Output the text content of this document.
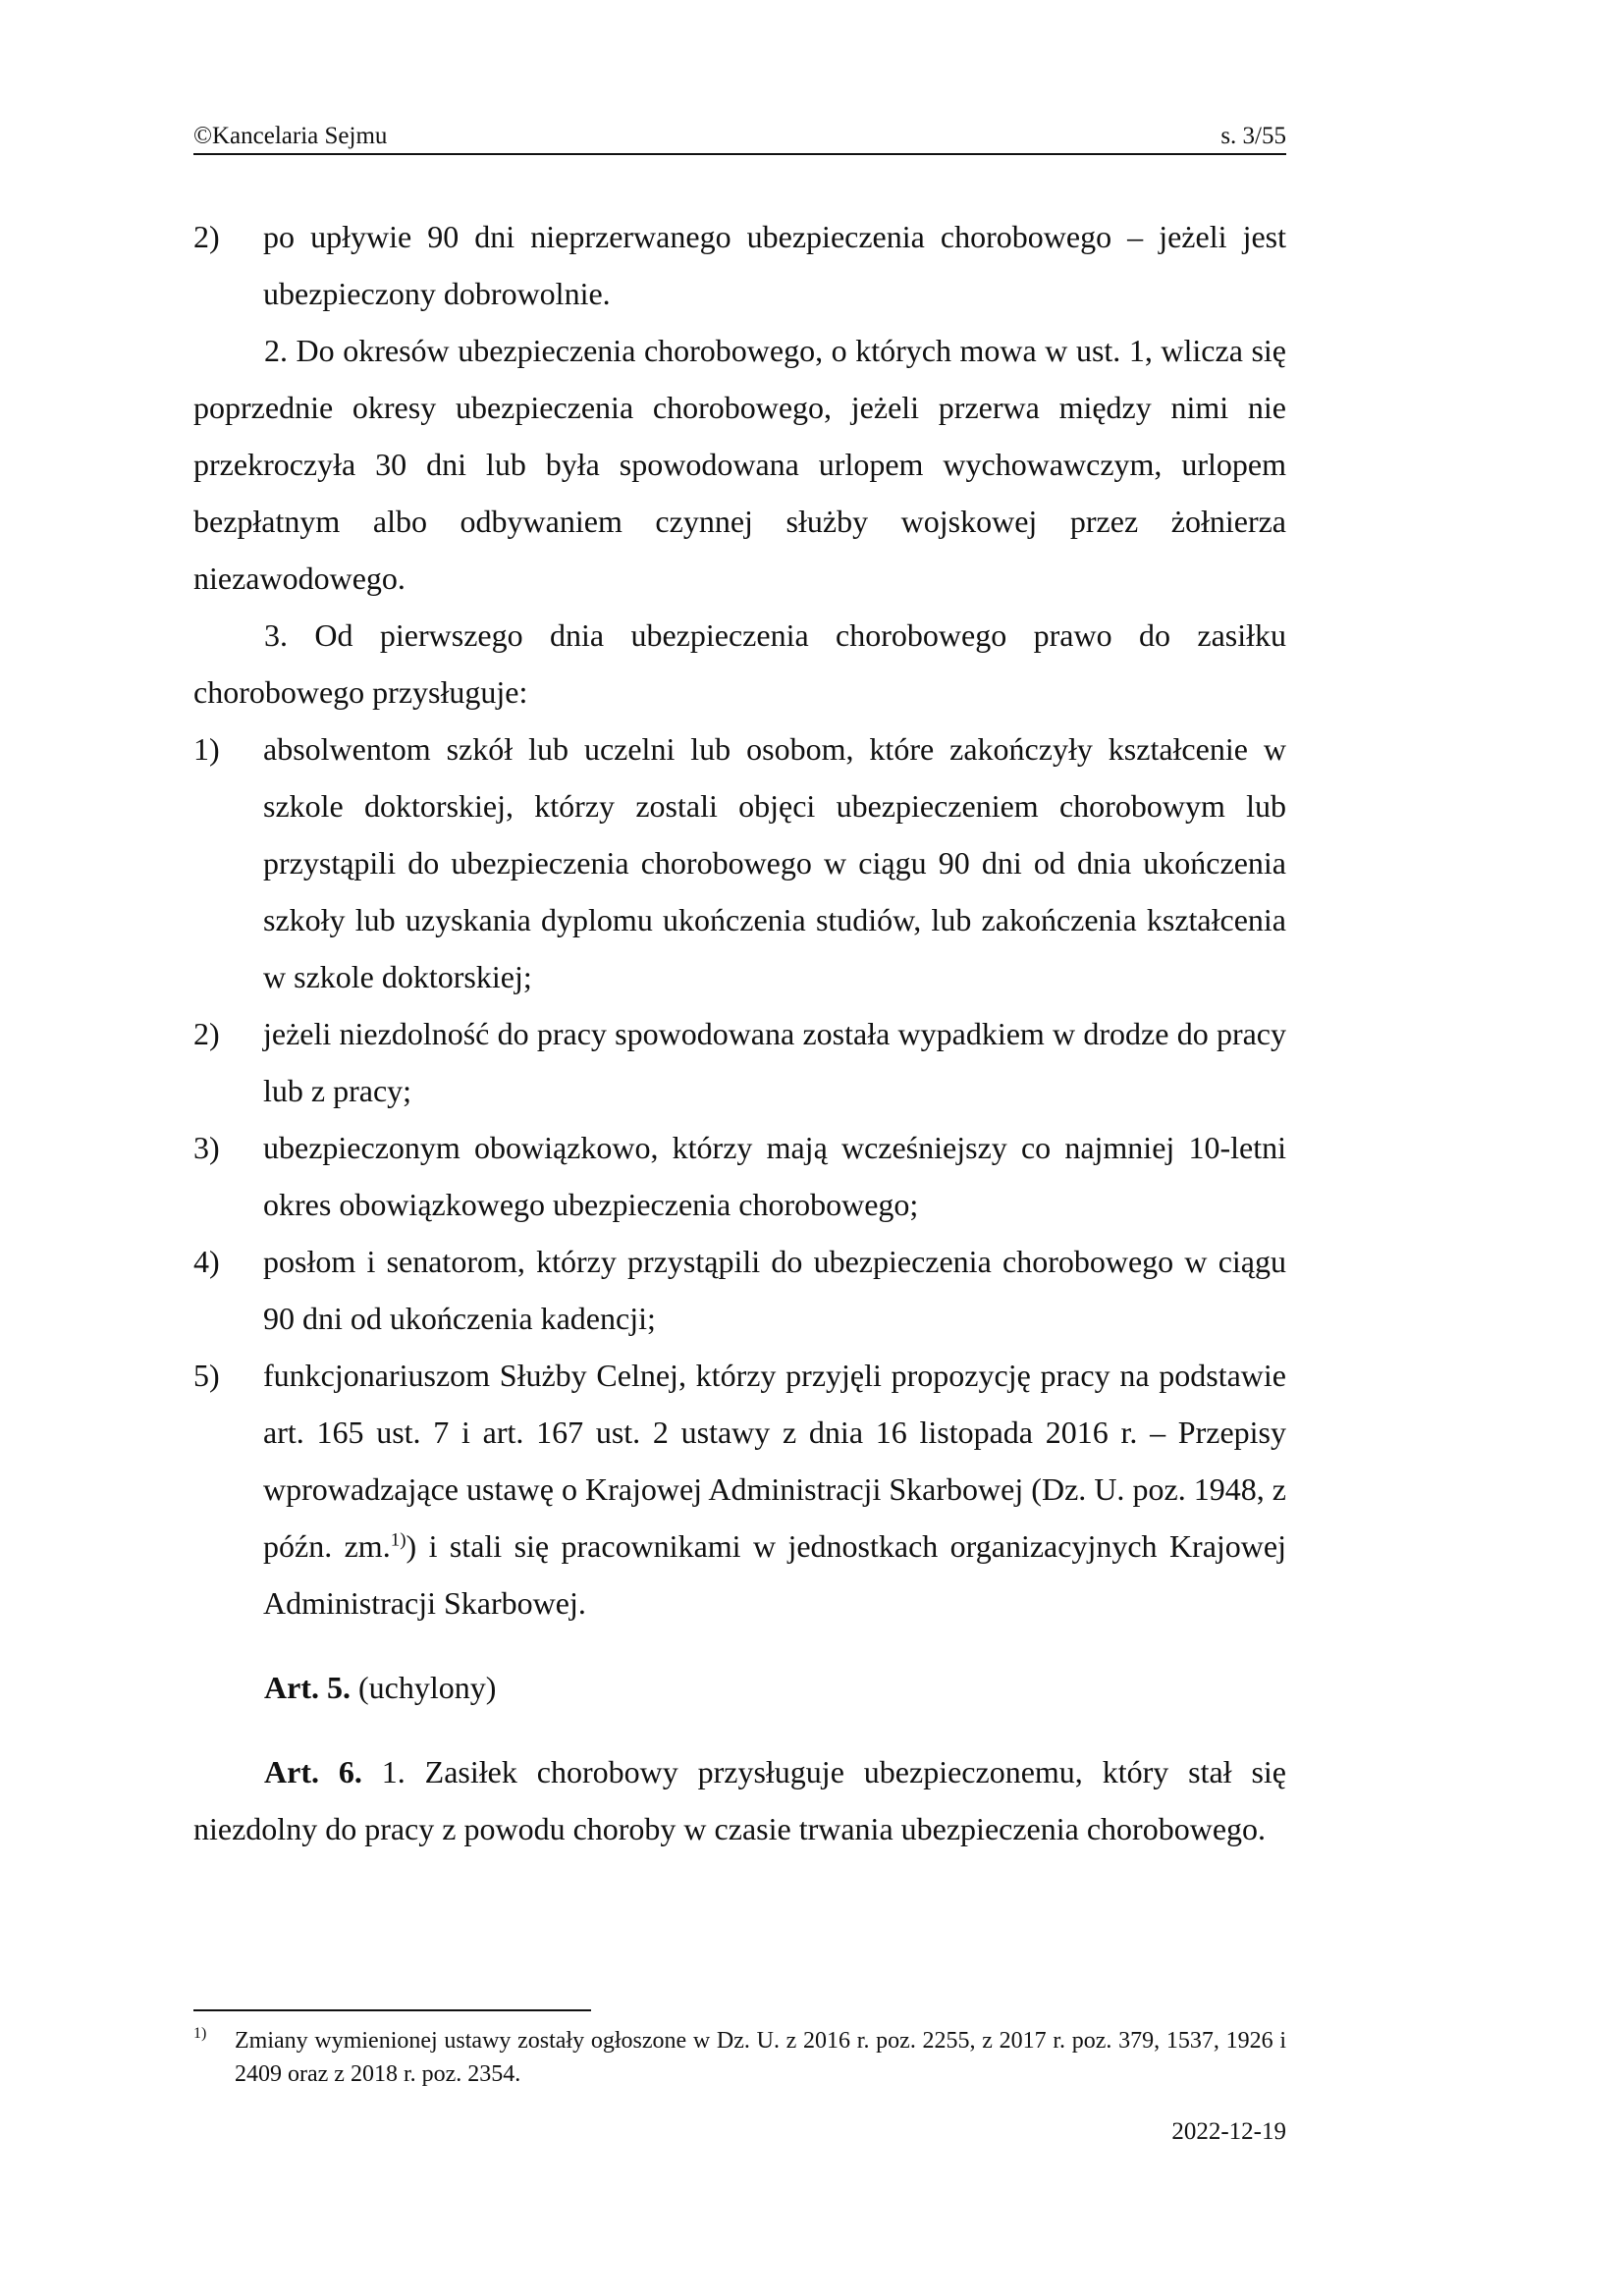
©Kancelaria Sejmu	s. 3/55

2) po upływie 90 dni nieprzerwanego ubezpieczenia chorobowego – jeżeli jest ubezpieczony dobrowolnie.

2. Do okresów ubezpieczenia chorobowego, o których mowa w ust. 1, wlicza się poprzednie okresy ubezpieczenia chorobowego, jeżeli przerwa między nimi nie przekroczyła 30 dni lub była spowodowana urlopem wychowawczym, urlopem bezpłatnym albo odbywaniem czynnej służby wojskowej przez żołnierza niezawodowego.

3. Od pierwszego dnia ubezpieczenia chorobowego prawo do zasiłku chorobowego przysługuje:

1) absolwentom szkół lub uczelni lub osobom, które zakończyły kształcenie w szkole doktorskiej, którzy zostali objęci ubezpieczeniem chorobowym lub przystąpili do ubezpieczenia chorobowego w ciągu 90 dni od dnia ukończenia szkoły lub uzyskania dyplomu ukończenia studiów, lub zakończenia kształcenia w szkole doktorskiej;

2) jeżeli niezdolność do pracy spowodowana została wypadkiem w drodze do pracy lub z pracy;

3) ubezpieczonym obowiązkowo, którzy mają wcześniejszy co najmniej 10-letni okres obowiązkowego ubezpieczenia chorobowego;

4) posłom i senatorom, którzy przystąpili do ubezpieczenia chorobowego w ciągu 90 dni od ukończenia kadencji;

5) funkcjonariuszom Służby Celnej, którzy przyjęli propozycję pracy na podstawie art. 165 ust. 7 i art. 167 ust. 2 ustawy z dnia 16 listopada 2016 r. – Przepisy wprowadzające ustawę o Krajowej Administracji Skarbowej (Dz. U. poz. 1948, z późn. zm.$^{1)}$) i stali się pracownikami w jednostkach organizacyjnych Krajowej Administracji Skarbowej.

Art. 5. (uchylony)

Art. 6. 1. Zasiłek chorobowy przysługuje ubezpieczonemu, który stał się niezdolny do pracy z powodu choroby w czasie trwania ubezpieczenia chorobowego.

1) Zmiany wymienionej ustawy zostały ogłoszone w Dz. U. z 2016 r. poz. 2255, z 2017 r. poz. 379, 1537, 1926 i 2409 oraz z 2018 r. poz. 2354.
2022-12-19
